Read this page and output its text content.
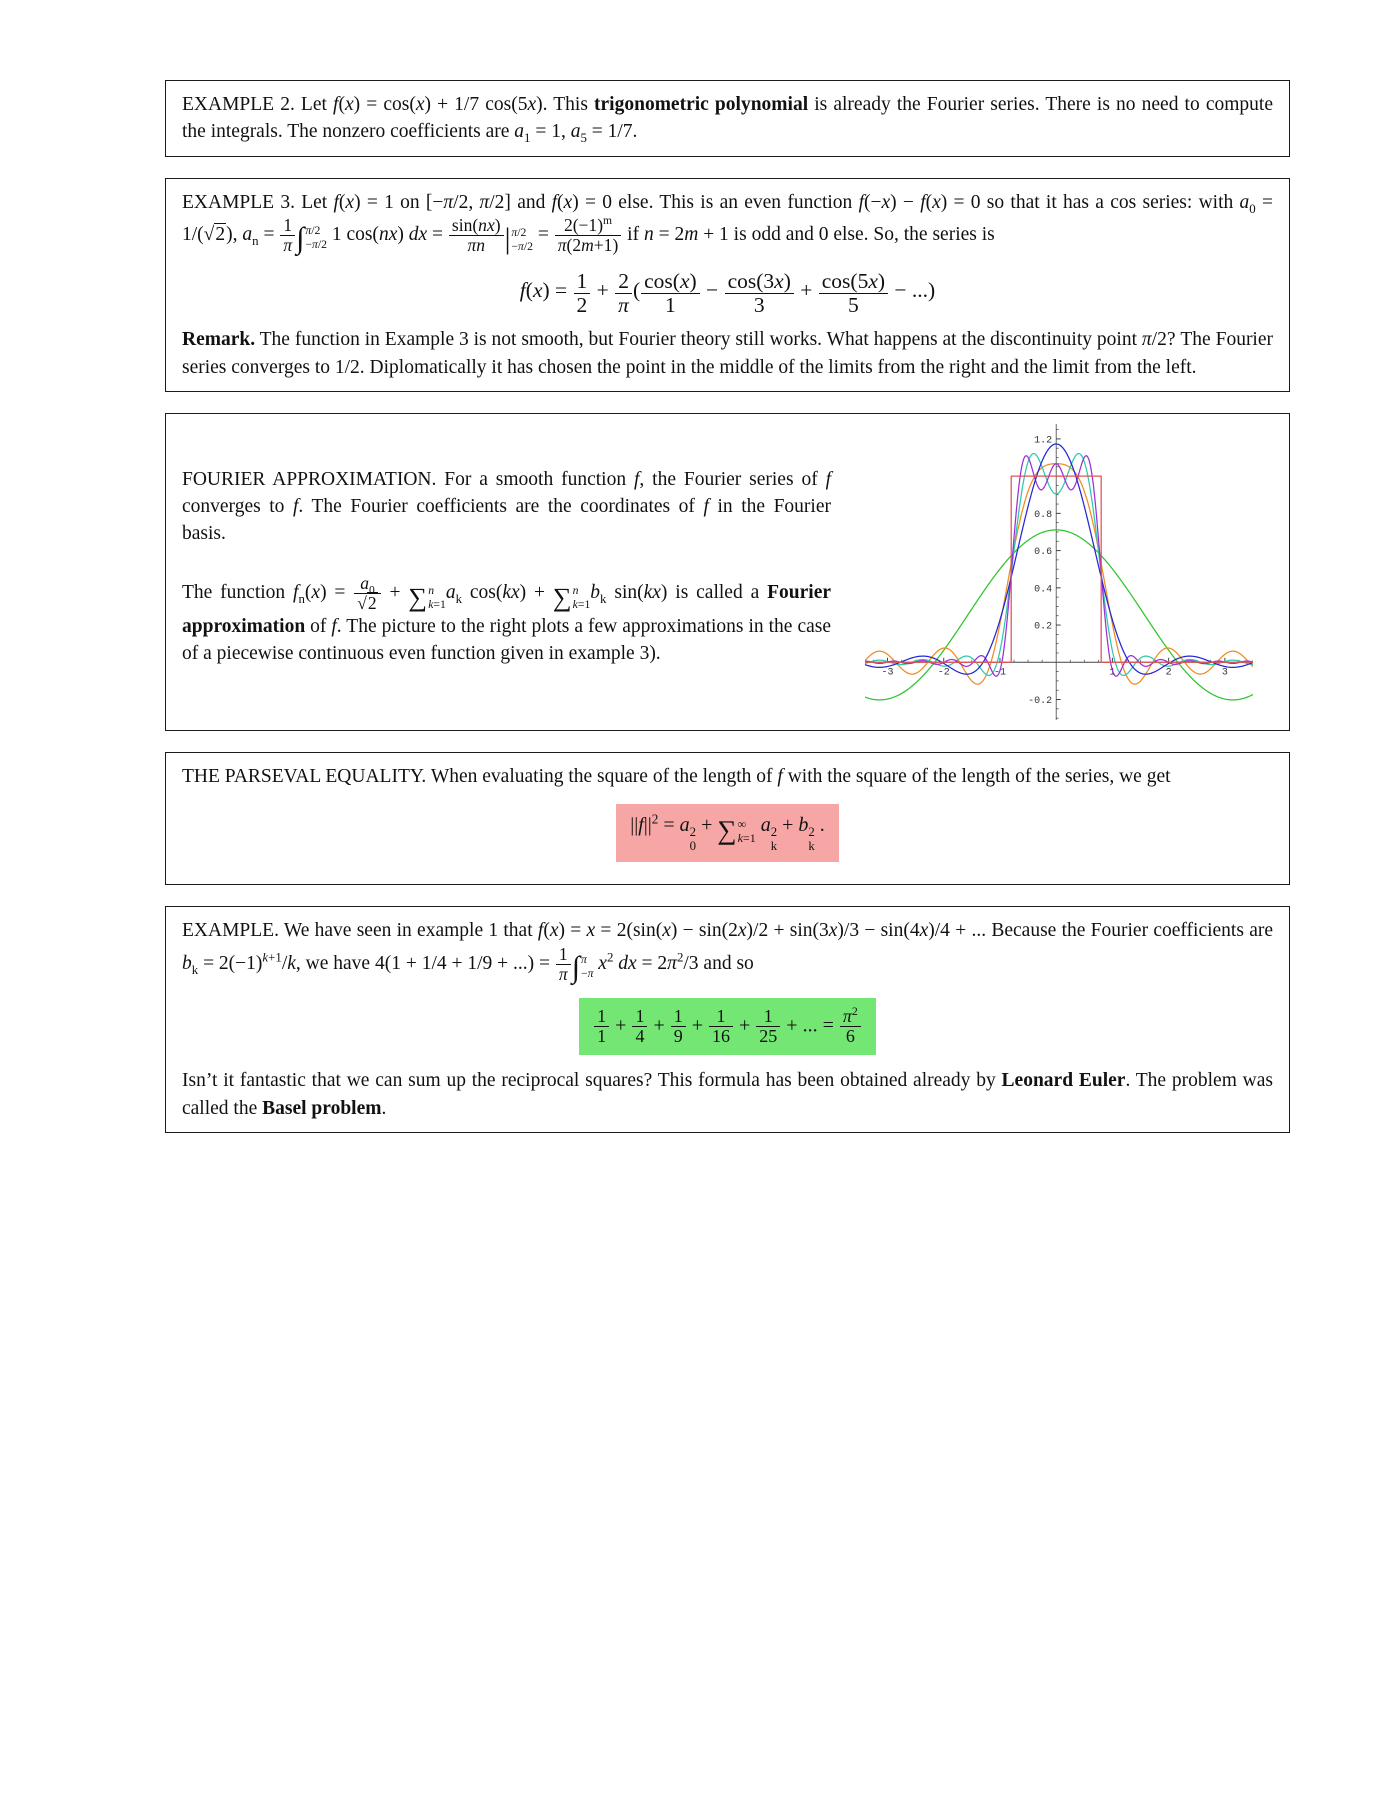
EXAMPLE 2. Let f(x) = cos(x) + 1/7 cos(5x). This trigonometric polynomial is already the Fourier series. There is no need to compute the integrals. The nonzero coefficients are $a_1 = 1$, $a_5 = 1/7$.

EXAMPLE 3. Let f(x) = 1 on [−π/2, π/2] and f(x) = 0 else. This is an even function f(−x) − f(x) = 0 so that it has a cos series: with $a_0 = 1/(√2)$, $a_n = \frac{1}{\pi}$ ∫ π/2
−π/2 1 cos(nx) dx = $\frac{\sin(nx)}{\pi n}$ | π/2
−π/2
= $\frac{2(-1)^m}{\pi(2m+1)}$ if n = 2m + 1 is odd and 0 else. So, the series is

$f(x) = \frac{1}{2} + \frac{2}{\pi}$ ( $\frac{\cos(x)}{1} - \frac{\cos(3x)}{3} + \frac{\cos(5x)}{5}$ − ...)

Remark. The function in Example 3 is not smooth, but Fourier theory still works. What happens at the discontinuity point π/2? The Fourier series converges to 1/2. Diplomatically it has chosen the point in the middle of the limits from the right and the limit from the left.

FOURIER APPROXIMATION. For a smooth function f, the Fourier series of f converges to f. The Fourier coefficients are the coordinates of f in the Fourier basis.

The function $f_n(x) = \frac{a_0}{√2}$ + ∑ n
k=1
$a_k$ cos(kx) + ∑ n
k=1
$b_k$ sin(kx) is called a Fourier approximation of f. The picture to the right plots a few approximations in the case of a piecewise continuous even function given in example 3).

-3	-2	-1	1	2	3
-0.2
0.2
0.4
0.6
0.8
1.2

THE PARSEVAL EQUALITY. When evaluating the square of the length of f with the square of the length of the series, we get

$||f||^2 = a$ 2
0
+ ∑ ∞
k=1
a 2
k
+ b 2
k
.

EXAMPLE. We have seen in example 1 that f(x) = x = 2(sin(x) − sin(2x)/2 + sin(3x)/3 − sin(4x)/4 + ... Because the Fourier coefficients are $b_k = 2(-1)^{k+1}/k$, we have 4(1 + 1/4 + 1/9 + ...) = $\frac{1}{\pi}$ ∫ π
−π $x^2$ dx = $2\pi^2/3$ and so

$\frac{1}{1} + \frac{1}{4} + \frac{1}{9} + \frac{1}{16} + \frac{1}{25}$ + ... = $\frac{\pi^2}{6}$

Isn’t it fantastic that we can sum up the reciprocal squares? This formula has been obtained already by Leonard Euler. The problem was called the Basel problem.
